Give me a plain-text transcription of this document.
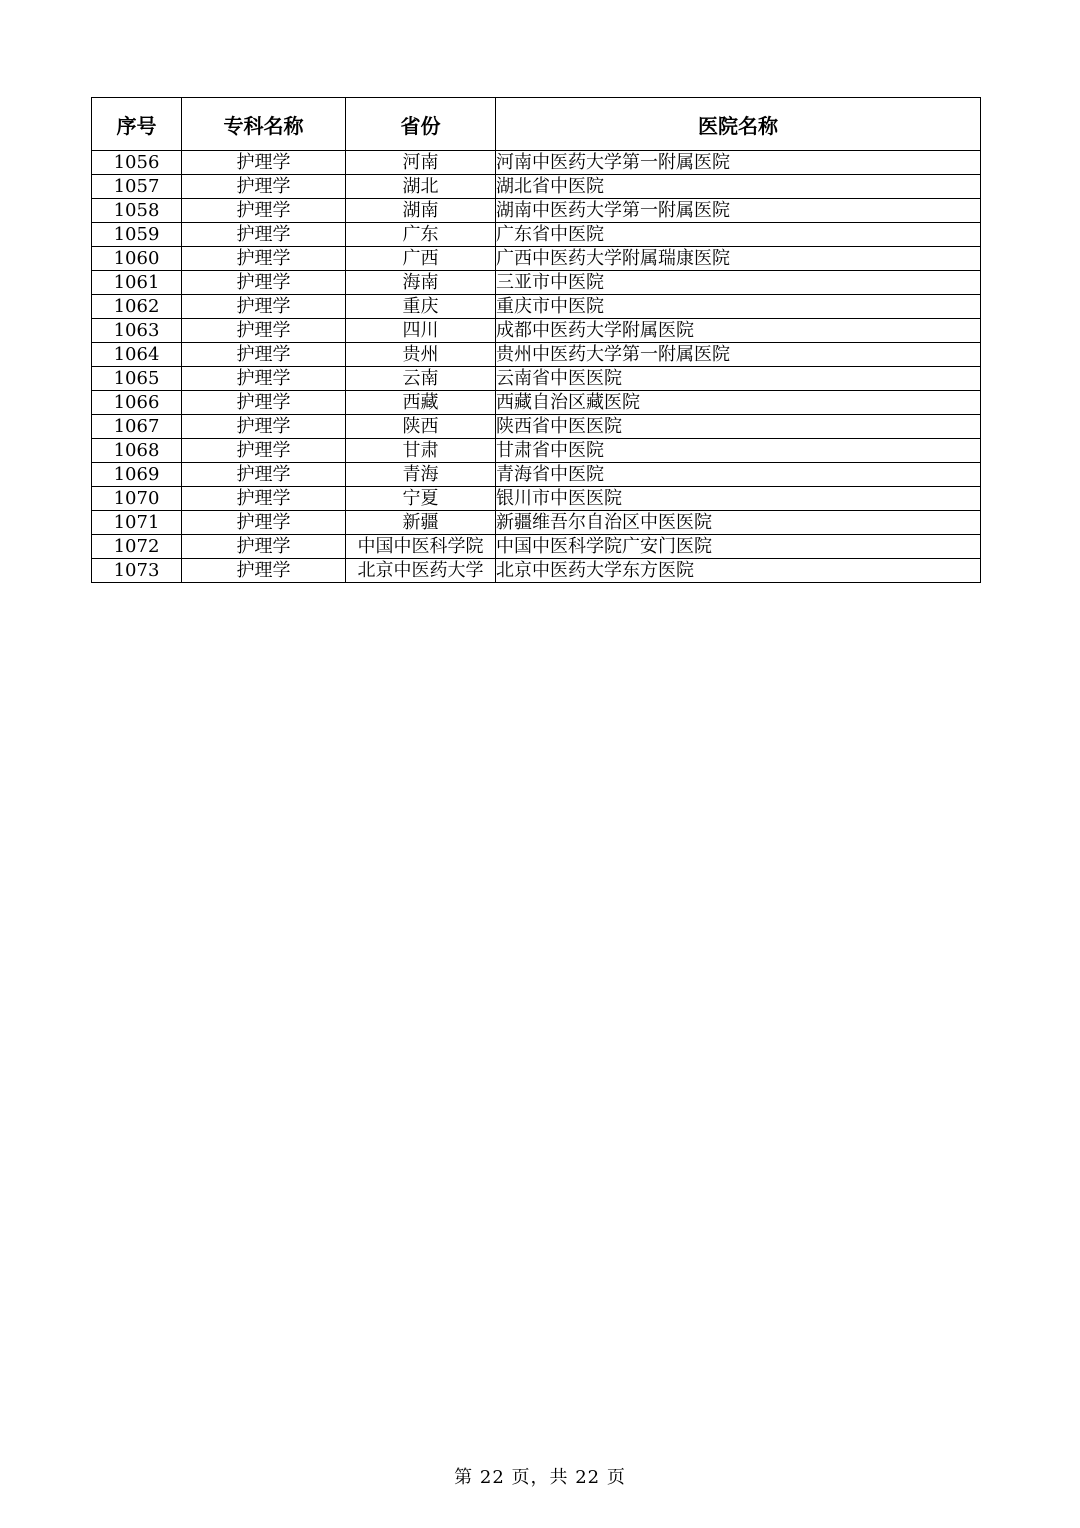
序号	专科名称	省份	医院名称
1056	护理学	河南	河南中医药大学第一附属医院
1057	护理学	湖北	湖北省中医院
1058	护理学	湖南	湖南中医药大学第一附属医院
1059	护理学	广东	广东省中医院
1060	护理学	广西	广西中医药大学附属瑞康医院
1061	护理学	海南	三亚市中医院
1062	护理学	重庆	重庆市中医院
1063	护理学	四川	成都中医药大学附属医院
1064	护理学	贵州	贵州中医药大学第一附属医院
1065	护理学	云南	云南省中医医院
1066	护理学	西藏	西藏自治区藏医院
1067	护理学	陕西	陕西省中医医院
1068	护理学	甘肃	甘肃省中医院
1069	护理学	青海	青海省中医院
1070	护理学	宁夏	银川市中医医院
1071	护理学	新疆	新疆维吾尔自治区中医医院
1072	护理学	中国中医科学院	中国中医科学院广安门医院
1073	护理学	北京中医药大学	北京中医药大学东方医院
第 22 页，共 22 页
